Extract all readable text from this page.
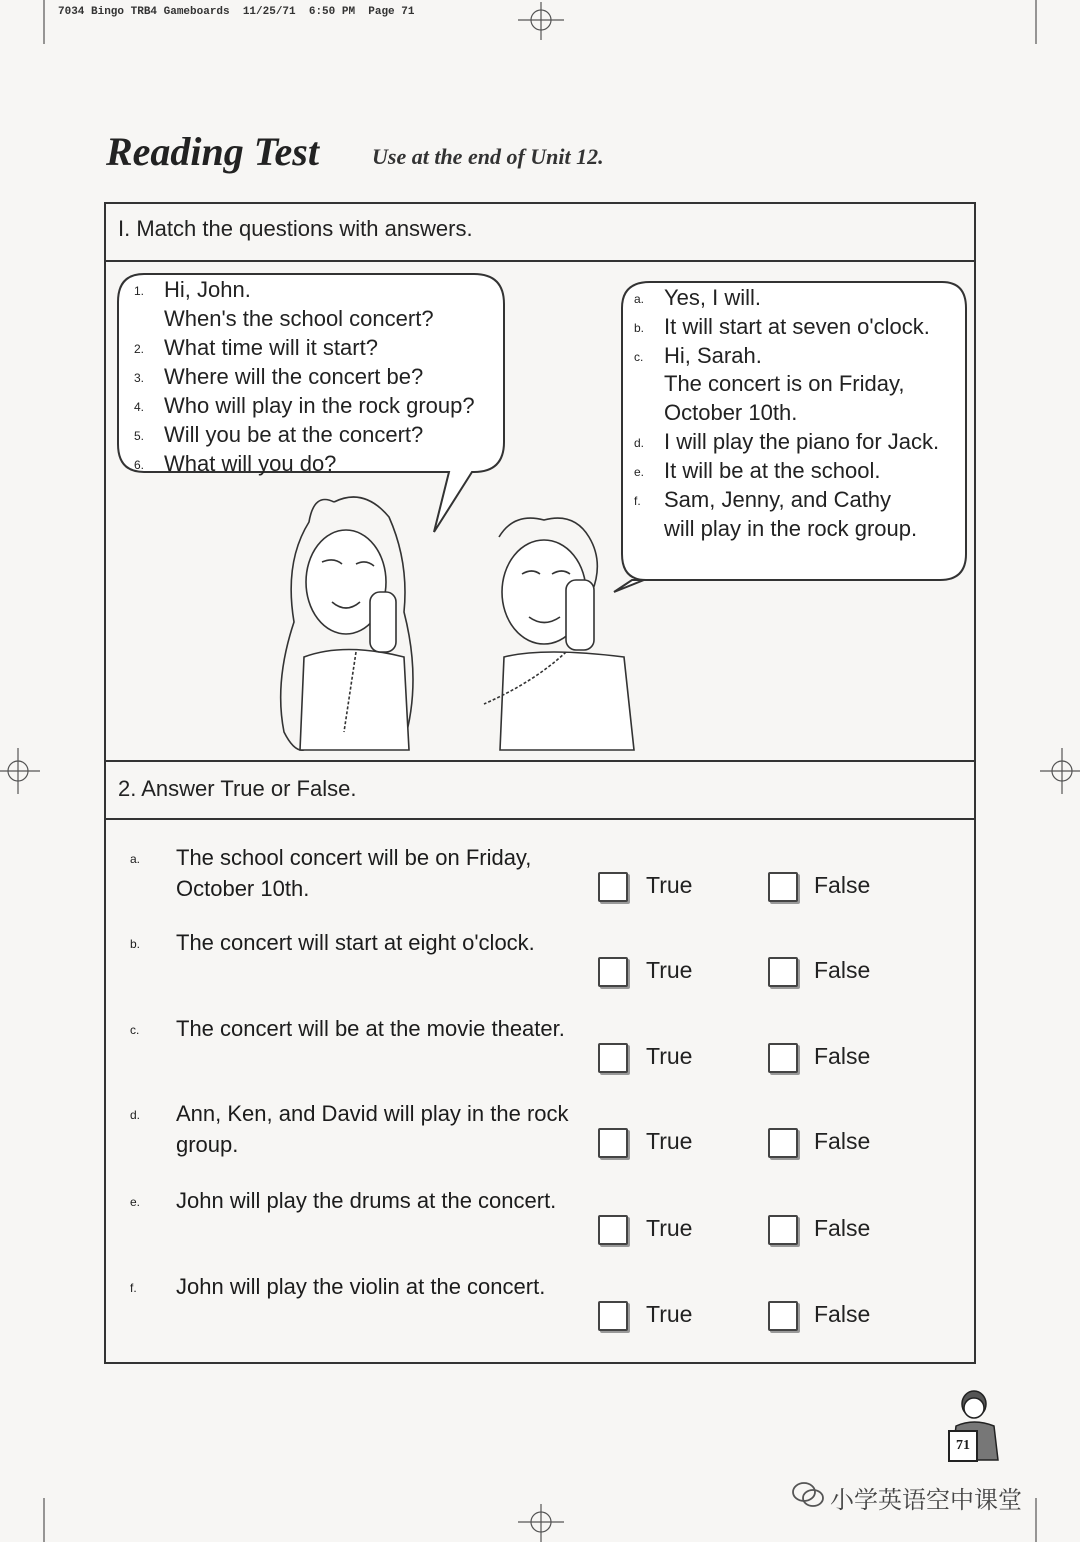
7034 Bingo TRB4 Gameboards  11/25/71  6:50 PM  Page 71
Reading Test Use at the end of Unit 12.
I. Match the questions with answers.
1. Hi, John.
When's the school concert?
2. What time will it start?
3. Where will the concert be?
4. Who will play in the rock group?
5. Will you be at the concert?
6. What will you do?
a. Yes, I will.
b. It will start at seven o'clock.
c. Hi, Sarah.
The concert is on Friday,
October 10th.
d. I will play the piano for Jack.
e. It will be at the school.
f. Sam, Jenny, and Cathy
will play in the rock group.
2. Answer True or False.
a. The school concert will be on Friday, October 10th.	True	False
b. The concert will start at eight o'clock.
True	False
c. The concert will be at the movie theater.
True	False
d. Ann, Ken, and David will play in the rock group.	True	False
e. John will play the drums at the concert.
True	False
f. John will play the violin at the concert.
True	False
71
小学英语空中课堂
